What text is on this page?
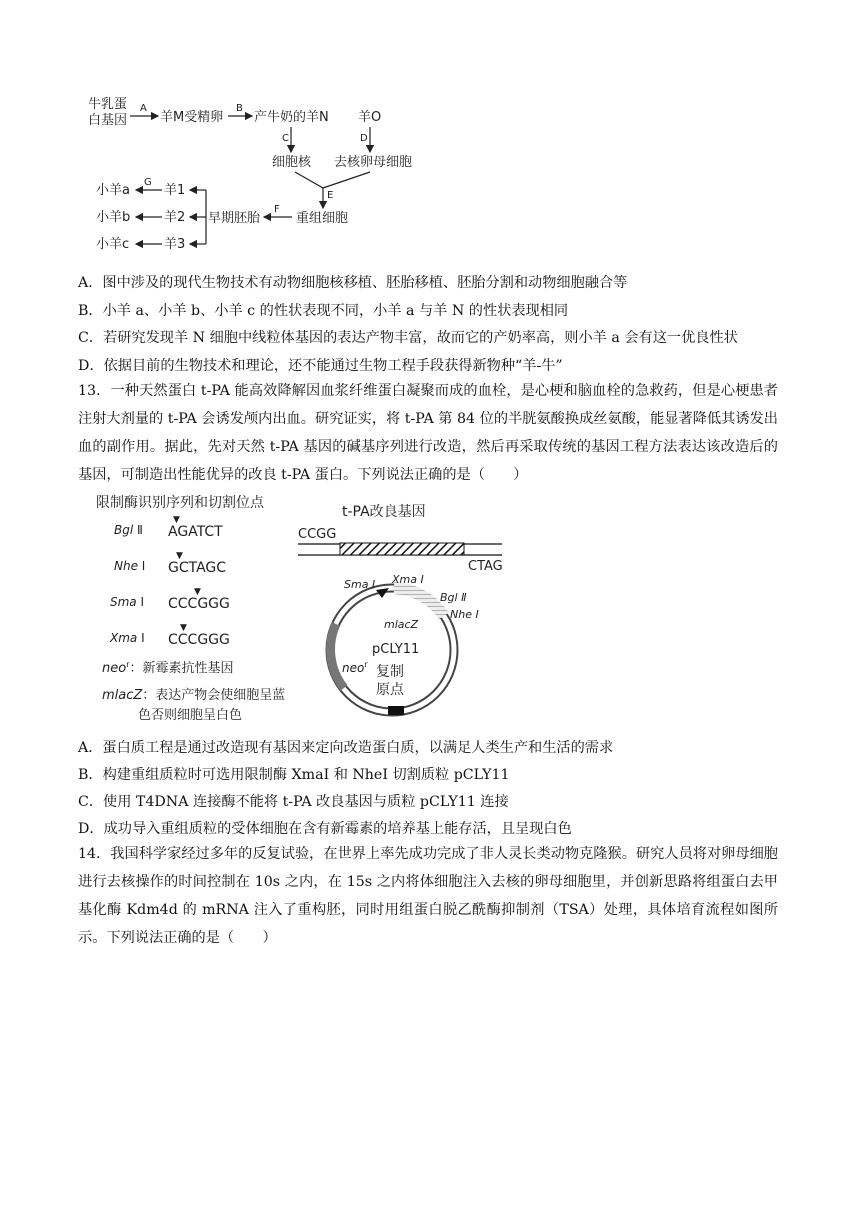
牛乳蛋
白基因
A
羊M受精卵
B
产牛奶的羊N 羊O
C	D
细胞核 去核卵母细胞
E
重组细胞
F
早期胚胎
羊1
羊2
羊3
G
小羊a
小羊b
小羊c
A．图中涉及的现代生物技术有动物细胞核移植、胚胎移植、胚胎分割和动物细胞融合等
B．小羊 a、小羊 b、小羊 c 的性状表现不同，小羊 a 与羊 N 的性状表现相同
C．若研究发现羊 N 细胞中线粒体基因的表达产物丰富，故而它的产奶率高，则小羊 a 会有这一优良性状
D．依据目前的生物技术和理论，还不能通过生物工程手段获得新物种“羊-牛”
13．一种天然蛋白 t-PA 能高效降解因血浆纤维蛋白凝聚而成的血栓，是心梗和脑血栓的急救药，但是心梗患者注射大剂量的 t-PA 会诱发颅内出血。研究证实，将 t-PA 第 84 位的半胱氨酸换成丝氨酸，能显著降低其诱发出血的副作用。据此，先对天然 t-PA 基因的碱基序列进行改造，然后再采取传统的基因工程方法表达该改造后的基因，可制造出性能优异的改良 t-PA 蛋白。下列说法正确的是（　　）
限制酶识别序列和切割位点
Bgl Ⅱ
▼
AGATCT
Nhe Ⅰ
▼
GCTAGC
Sma Ⅰ
▼
CCCGGG
Xma Ⅰ
▼
CCCGGG
neo$^r$：新霉素抗性基因
mlacZ：表达产物会使细胞呈蓝
色否则细胞呈白色
t-PA改良基因
CCGG
CTAG
Sma Ⅰ Xma Ⅰ
Bgl Ⅱ
Nhe Ⅰ
mlacZ
pCLY11
neo$^r$ 复制
原点
A．蛋白质工程是通过改造现有基因来定向改造蛋白质，以满足人类生产和生活的需求
B．构建重组质粒时可选用限制酶 XmaI 和 NheI 切割质粒 pCLY11
C．使用 T4DNA 连接酶不能将 t-PA 改良基因与质粒 pCLY11 连接
D．成功导入重组质粒的受体细胞在含有新霉素的培养基上能存活，且呈现白色
14．我国科学家经过多年的反复试验，在世界上率先成功完成了非人灵长类动物克隆猴。研究人员将对卵母细胞进行去核操作的时间控制在 10s 之内，在 15s 之内将体细胞注入去核的卵母细胞里，并创新思路将组蛋白去甲基化酶 Kdm4d 的 mRNA 注入了重构胚，同时用组蛋白脱乙酰酶抑制剂（TSA）处理，具体培育流程如图所示。下列说法正确的是（　　）
